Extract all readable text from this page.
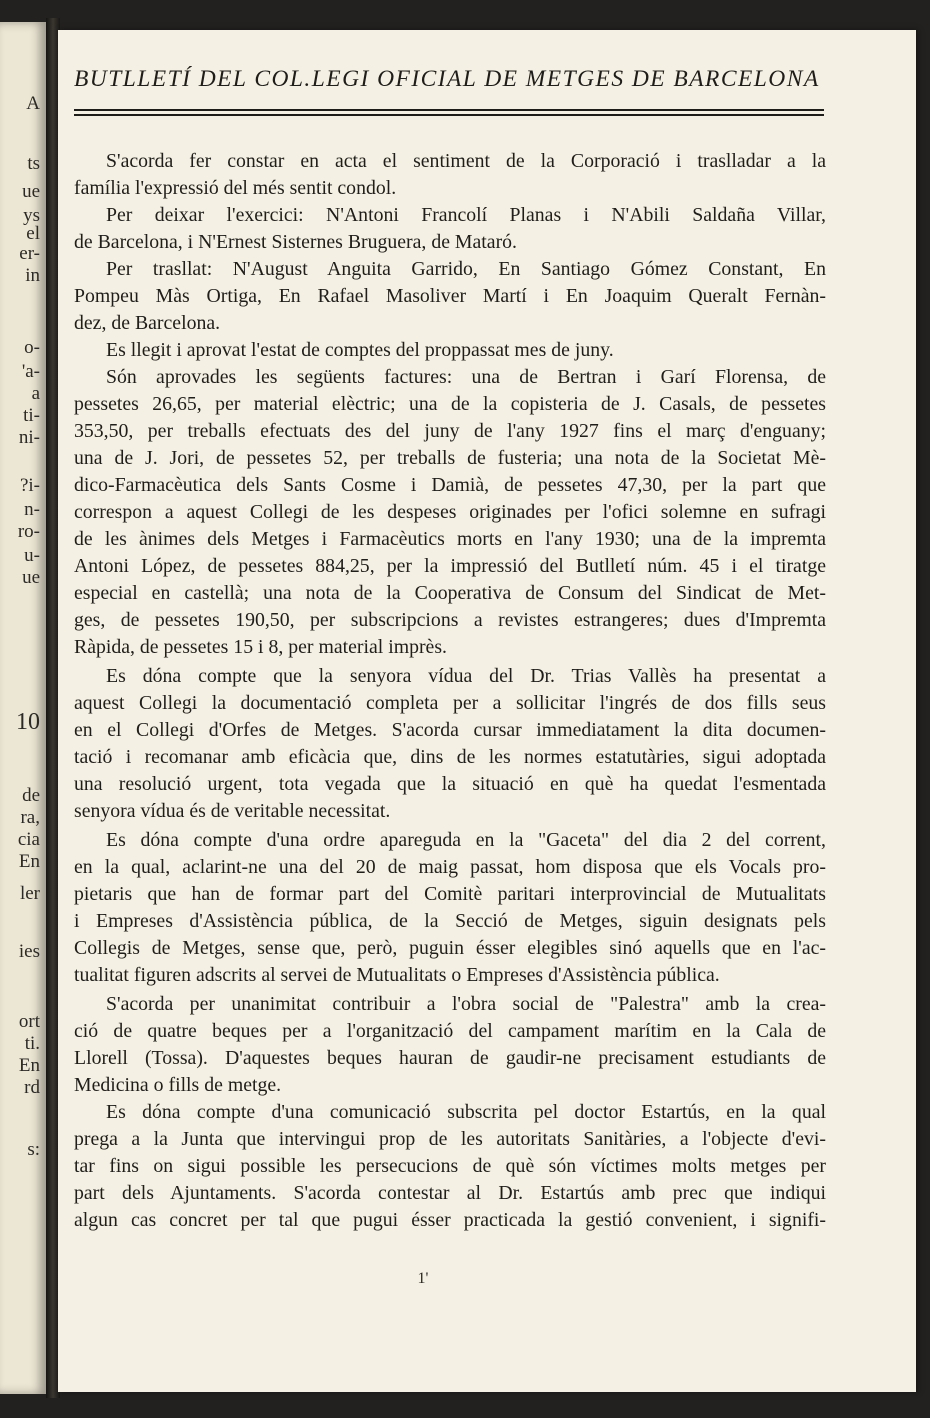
A
ts
ue
ys
el
er-
in
o-
'a-
a
ti-
ni-
?i-
n-
ro-
u-
ue
10
de
ra,
cia
En
ler
ies
ort
ti.
En
rd
s:
BUTLLETÍ DEL COL.LEGI OFICIAL DE METGES DE BARCELONA
S'acorda fer constar en acta el sentiment de la Corporació i traslladar a la
família l'expressió del més sentit condol.
Per deixar l'exercici: N'Antoni Francolí Planas i N'Abili Saldaña Villar,
de Barcelona, i N'Ernest Sisternes Bruguera, de Mataró.
Per trasllat: N'August Anguita Garrido, En Santiago Gómez Constant, En
Pompeu Màs Ortiga, En Rafael Masoliver Martí i En Joaquim Queralt Fernàn-
dez, de Barcelona.
Es llegit i aprovat l'estat de comptes del proppassat mes de juny.
Són aprovades les següents factures: una de Bertran i Garí Florensa, de
pessetes 26,65, per material elèctric; una de la copisteria de J. Casals, de pessetes
353,50, per treballs efectuats des del juny de l'any 1927 fins el març d'enguany;
una de J. Jori, de pessetes 52, per treballs de fusteria; una nota de la Societat Mè-
dico-Farmacèutica dels Sants Cosme i Damià, de pessetes 47,30, per la part que
correspon a aquest Collegi de les despeses originades per l'ofici solemne en sufragi
de les ànimes dels Metges i Farmacèutics morts en l'any 1930; una de la impremta
Antoni López, de pessetes 884,25, per la impressió del Butlletí núm. 45 i el tiratge
especial en castellà; una nota de la Cooperativa de Consum del Sindicat de Met-
ges, de pessetes 190,50, per subscripcions a revistes estrangeres; dues d'Impremta
Ràpida, de pessetes 15 i 8, per material imprès.
Es dóna compte que la senyora vídua del Dr. Trias Vallès ha presentat a
aquest Collegi la documentació completa per a sollicitar l'ingrés de dos fills seus
en el Collegi d'Orfes de Metges. S'acorda cursar immediatament la dita documen-
tació i recomanar amb eficàcia que, dins de les normes estatutàries, sigui adoptada
una resolució urgent, tota vegada que la situació en què ha quedat l'esmentada
senyora vídua és de veritable necessitat.
Es dóna compte d'una ordre apareguda en la "Gaceta" del dia 2 del corrent,
en la qual, aclarint-ne una del 20 de maig passat, hom disposa que els Vocals pro-
pietaris que han de formar part del Comitè paritari interprovincial de Mutualitats
i Empreses d'Assistència pública, de la Secció de Metges, siguin designats pels
Collegis de Metges, sense que, però, puguin ésser elegibles sinó aquells que en l'ac-
tualitat figuren adscrits al servei de Mutualitats o Empreses d'Assistència pública.
S'acorda per unanimitat contribuir a l'obra social de "Palestra" amb la crea-
ció de quatre beques per a l'organització del campament marítim en la Cala de
Llorell (Tossa). D'aquestes beques hauran de gaudir-ne precisament estudiants de
Medicina o fills de metge.
Es dóna compte d'una comunicació subscrita pel doctor Estartús, en la qual
prega a la Junta que intervingui prop de les autoritats Sanitàries, a l'objecte d'evi-
tar fins on sigui possible les persecucions de què són víctimes molts metges per
part dels Ajuntaments. S'acorda contestar al Dr. Estartús amb prec que indiqui
algun cas concret per tal que pugui ésser practicada la gestió convenient, i signifi-
1'
